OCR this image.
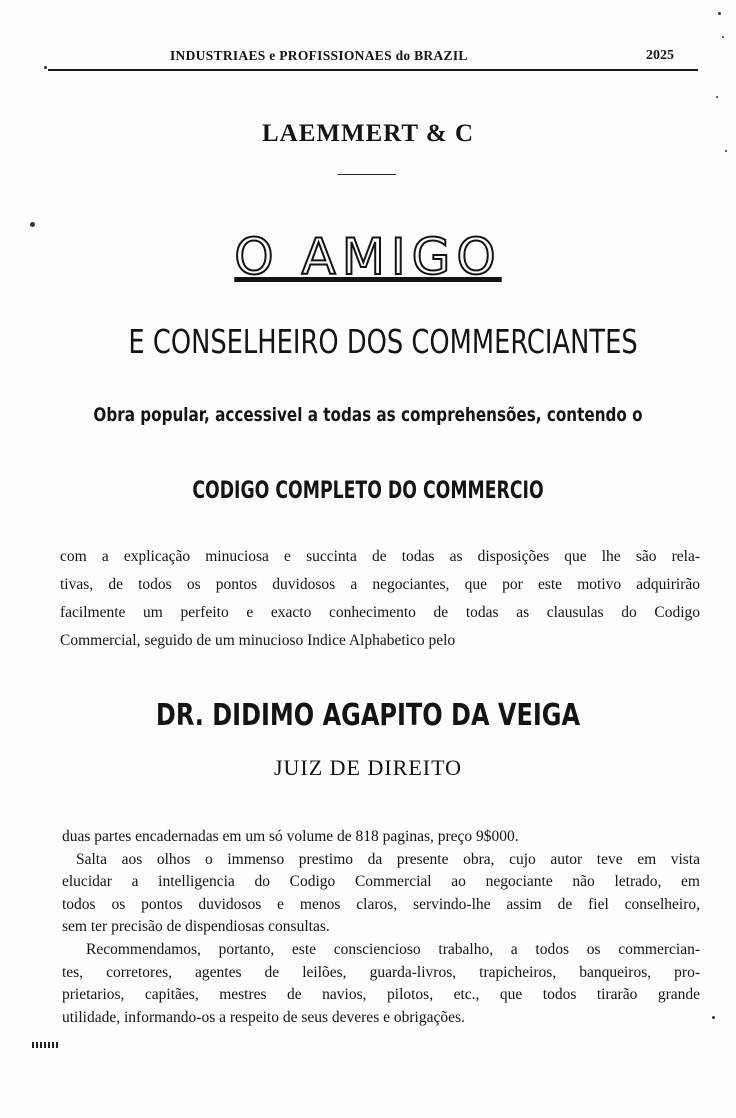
INDUSTRIAES e PROFISSIONAES do BRAZIL	2025
LAEMMERT & C
O AMIGO
E CONSELHEIRO DOS COMMERCIANTES
Obra popular, accessivel a todas as comprehensões, contendo o
CODIGO COMPLETO DO COMMERCIO
com a explicação minuciosa e succinta de todas as disposições que lhe são rela-
tivas, de todos os pontos duvidosos a negociantes, que por este motivo adquirirão
facilmente um perfeito e exacto conhecimento de todas as clausulas do Codigo
Commercial, seguido de um minucioso Indice Alphabetico pelo
DR. DIDIMO AGAPITO DA VEIGA
JUIZ DE DIREITO
duas partes encadernadas em um só volume de 818 paginas, preço 9$000.
Salta aos olhos o immenso prestimo da presente obra, cujo autor teve em vista
elucidar a intelligencia do Codigo Commercial ao negociante não letrado, em
todos os pontos duvidosos e menos claros, servindo-lhe assim de fiel conselheiro,
sem ter precisão de dispendiosas consultas.
Recommendamos, portanto, este consciencioso trabalho, a todos os commercian-
tes, corretores, agentes de leilões, guarda-livros, trapicheiros, banqueiros, pro-
prietarios, capitães, mestres de navios, pilotos, etc., que todos tirarão grande
utilidade, informando-os a respeito de seus deveres e obrigações.
